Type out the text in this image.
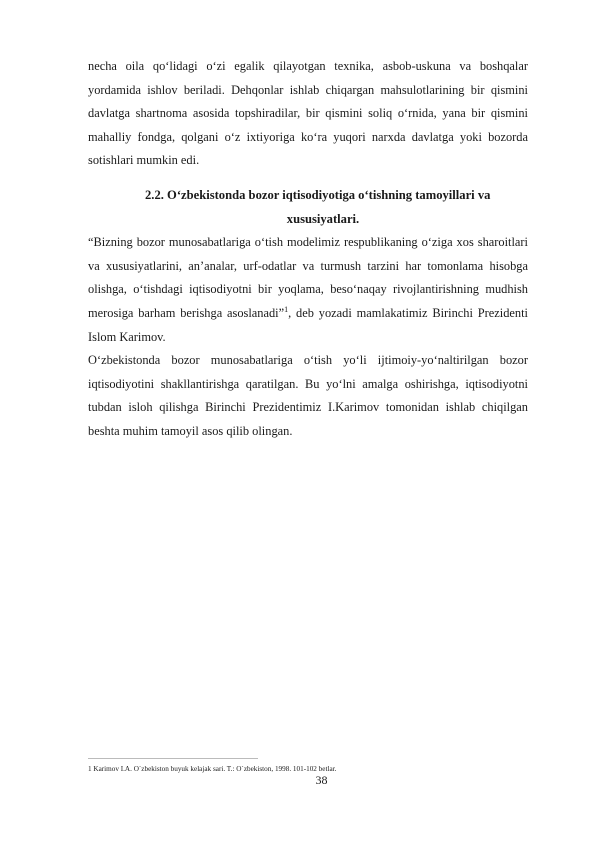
necha oila qo‘lidagi o‘zi egalik qilayotgan texnika, asbob-uskuna va boshqalar yordamida ishlov beriladi. Dehqonlar ishlab chiqargan mahsulotlarining bir qismini davlatga shartnoma asosida topshiradilar, bir qismini soliq o‘rnida, yana bir qismini mahalliy fondga, qolgani o‘z ixtiyoriga ko‘ra yuqori narxda davlatga yoki bozorda sotishlari mumkin edi.

2.2. O‘zbekistonda bozor iqtisodiyotiga o‘tishning tamoyillari va

xususiyatlari.

“Bizning bozor munosabatlariga o‘tish modelimiz respublikaning o‘ziga xos sharoitlari va xususiyatlarini, an’analar, urf-odatlar va turmush tarzini har tomonlama hisobga olishga, o‘tishdagi iqtisodiyotni bir yoqlama, beso‘naqay rivojlantirishning mudhish merosiga barham berishga asoslanadi”$^1$, deb yozadi mamlakatimiz Birinchi Prezidenti Islom Karimov.

O‘zbekistonda bozor munosabatlariga o‘tish yo‘li ijtimoiy-yo‘naltirilgan bozor iqtisodiyotini shakllantirishga qaratilgan. Bu yo‘lni amalga oshirishga, iqtisodiyotni tubdan isloh qilishga Birinchi Prezidentimiz I.Karimov tomonidan ishlab chiqilgan beshta muhim tamoyil asos qilib olingan.

1 Karimov I.A. O`zbekiston buyuk kelajak sari. T.: O`zbekiston, 1998. 101-102 betlar.
38
